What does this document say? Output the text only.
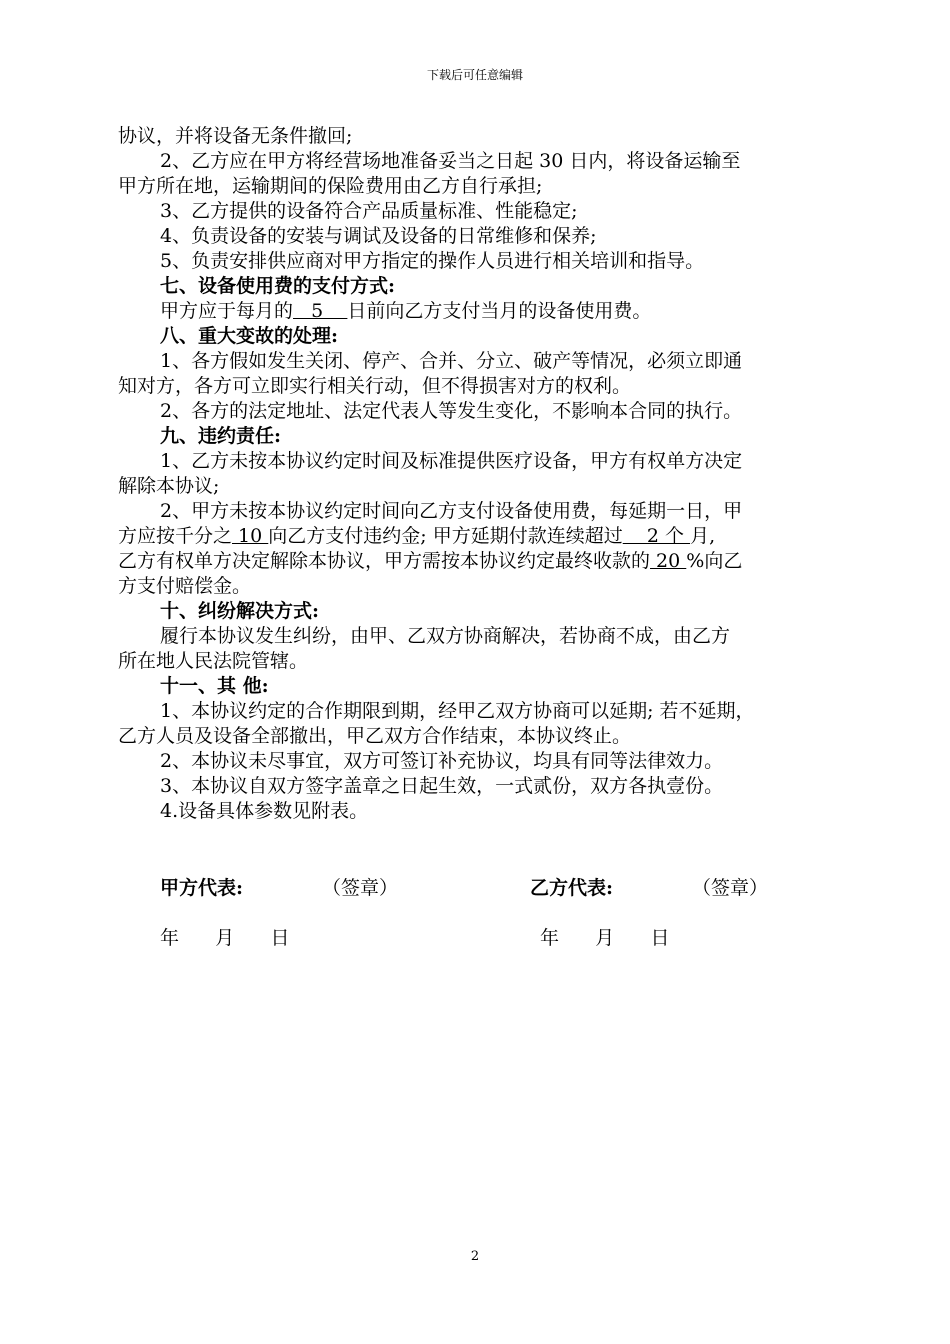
下载后可任意编辑
协议，并将设备无条件撤回;
2、乙方应在甲方将经营场地准备妥当之日起 30 日内，将设备运输至
甲方所在地，运输期间的保险费用由乙方自行承担;
3、乙方提供的设备符合产品质量标准、性能稳定;
4、负责设备的安装与调试及设备的日常维修和保养;
5、负责安排供应商对甲方指定的操作人员进行相关培训和指导。
七、设备使用费的支付方式:
甲方应于每月的   5    日前向乙方支付当月的设备使用费。
八、重大变故的处理:
1、各方假如发生关闭、停产、合并、分立、破产等情况，必须立即通
知对方，各方可立即实行相关行动，但不得损害对方的权利。
2、各方的法定地址、法定代表人等发生变化，不影响本合同的执行。
九、违约责任:
1、乙方未按本协议约定时间及标准提供医疗设备，甲方有权单方决定
解除本协议;
2、甲方未按本协议约定时间向乙方支付设备使用费，每延期一日，甲
方应按千分之 10 向乙方支付违约金; 甲方延期付款连续超过    2 个 月,
乙方有权单方决定解除本协议，甲方需按本协议约定最终收款的 20 %向乙
方支付赔偿金。
十、纠纷解决方式:
履行本协议发生纠纷，由甲、乙双方协商解决，若协商不成，由乙方
所在地人民法院管辖。
十一、其 他:
1、本协议约定的合作期限到期，经甲乙双方协商可以延期; 若不延期，
乙方人员及设备全部撤出，甲乙双方合作结束，本协议终止。
2、本协议未尽事宜，双方可签订补充协议，均具有同等法律效力。
3、本协议自双方签字盖章之日起生效，一式贰份，双方各执壹份。
4.设备具体参数见附表。
甲方代表:	（签章）	乙方代表:	（签章）
年      月      日	年      月      日
2
